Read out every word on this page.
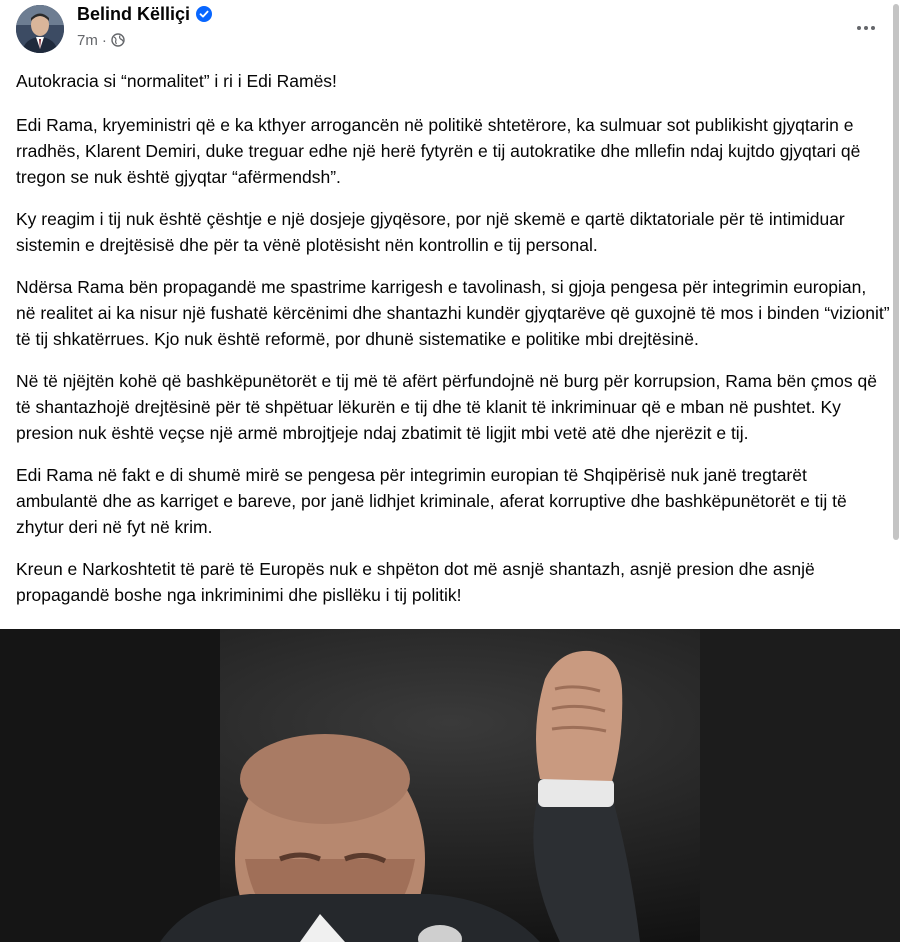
Belind Këlliçi
7m ·

Autokracia si “normalitet” i ri i Edi Ramës!

Edi Rama, kryeministri që e ka kthyer arrogancën në politikë shtetërore, ka sulmuar sot publikisht gjyqtarin e rradhës, Klarent Demiri, duke treguar edhe një herë fytyrën e tij autokratike dhe mllefin ndaj kujtdo gjyqtari që tregon se nuk është gjyqtar “afërmendsh”.

Ky reagim i tij nuk është çështje e një dosjeje gjyqësore, por një skemë e qartë diktatoriale për të intimiduar sistemin e drejtësisë dhe për ta vënë plotësisht nën kontrollin e tij personal.

Ndërsa Rama bën propagandë me spastrime karrigesh e tavolinash, si gjoja pengesa për integrimin europian, në realitet ai ka nisur një fushatë kërcënimi dhe shantazhi kundër gjyqtarëve që guxojnë të mos i binden “vizionit” të tij shkatërrues. Kjo nuk është reformë, por dhunë sistematike e politike mbi drejtësinë.

Në të njëjtën kohë që bashkëpunëtorët e tij më të afërt përfundojnë në burg për korrupsion, Rama bën çmos që të shantazhojë drejtësinë për të shpëtuar lëkurën e tij dhe të klanit të inkriminuar që e mban në pushtet. Ky presion nuk është veçse një armë mbrojtjeje ndaj zbatimit të ligjit mbi vetë atë dhe njerëzit e tij.

Edi Rama në fakt e di shumë mirë se pengesa për integrimin europian të Shqipërisë nuk janë tregtarët ambulantë dhe as karriget e bareve, por janë lidhjet kriminale, aferat korruptive dhe bashkëpunëtorët e tij të zhytur deri në fyt në krim.

Kreun e Narkoshtetit të parë të Europës nuk e shpëton dot më asnjë shantazh, asnjë presion dhe asnjë propagandë boshe nga inkriminimi dhe pisllëku i tij politik!
